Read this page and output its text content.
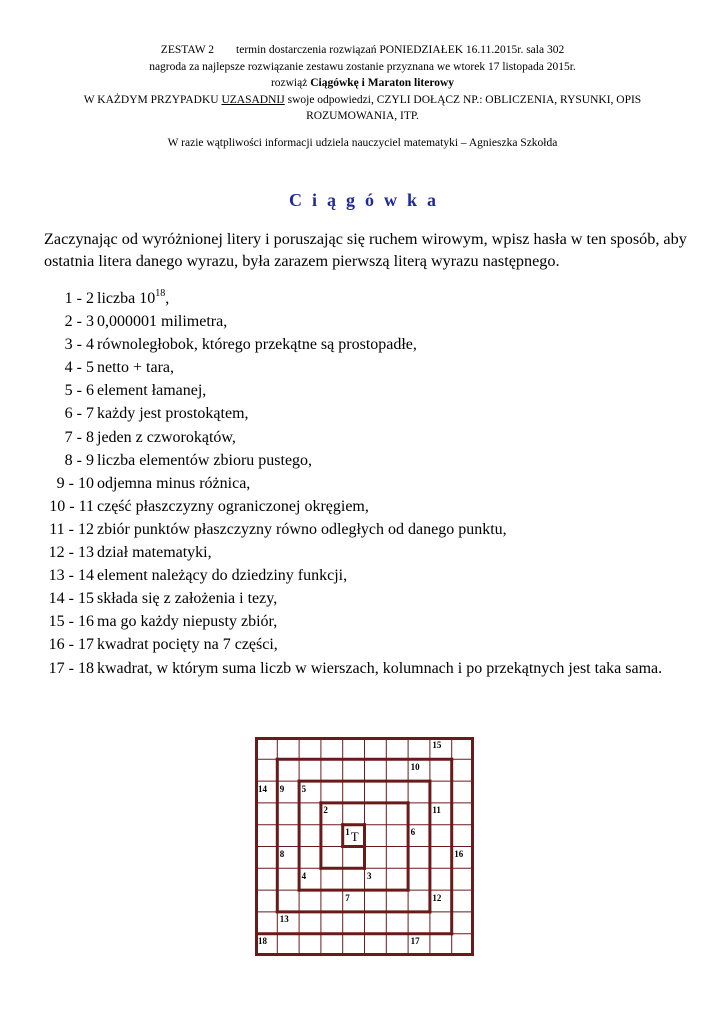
ZESTAW 2 termin dostarczenia rozwiązań PONIEDZIAŁEK 16.11.2015r. sala 302
nagroda za najlepsze rozwiązanie zestawu zostanie przyznana we wtorek 17 listopada 2015r.
rozwiąż Ciągówkę i Maraton literowy
W KAŻDYM PRZYPADKU UZASADNIJ swoje odpowiedzi, CZYLI DOŁĄCZ NP.: OBLICZENIA, RYSUNKI, OPIS
ROZUMOWANIA, ITP.
W razie wątpliwości informacji udziela nauczyciel matematyki – Agnieszka Szkołda
Ciągówka
Zaczynając od wyróżnionej litery i poruszając się ruchem wirowym, wpisz hasła w ten sposób, aby ostatnia litera danego wyrazu, była zarazem pierwszą literą wyrazu następnego.
1 - 2 liczba $10^{18}$,
2 - 3 0,000001 milimetra,
3 - 4 równoległobok, którego przekątne są prostopadłe,
4 - 5 netto + tara,
5 - 6 element łamanej,
6 - 7 każdy jest prostokątem,
7 - 8 jeden z czworokątów,
8 - 9 liczba elementów zbioru pustego,
9 - 10 odjemna minus różnica,
10 - 11 część płaszczyzny ograniczonej okręgiem,
11 - 12 zbiór punktów płaszczyzny równo odległych od danego punktu,
12 - 13 dział matematyki,
13 - 14 element należący do dziedziny funkcji,
14 - 15 składa się z założenia i tezy,
15 - 16 ma go każdy niepusty zbiór,
16 - 17 kwadrat pocięty na 7 części,
17 - 18 kwadrat, w którym suma liczb w wierszach, kolumnach i po przekątnych jest taka sama.
15
10
14 9 5
2	11
1	6
8	16
4	3
7	12
13
18	17
T
